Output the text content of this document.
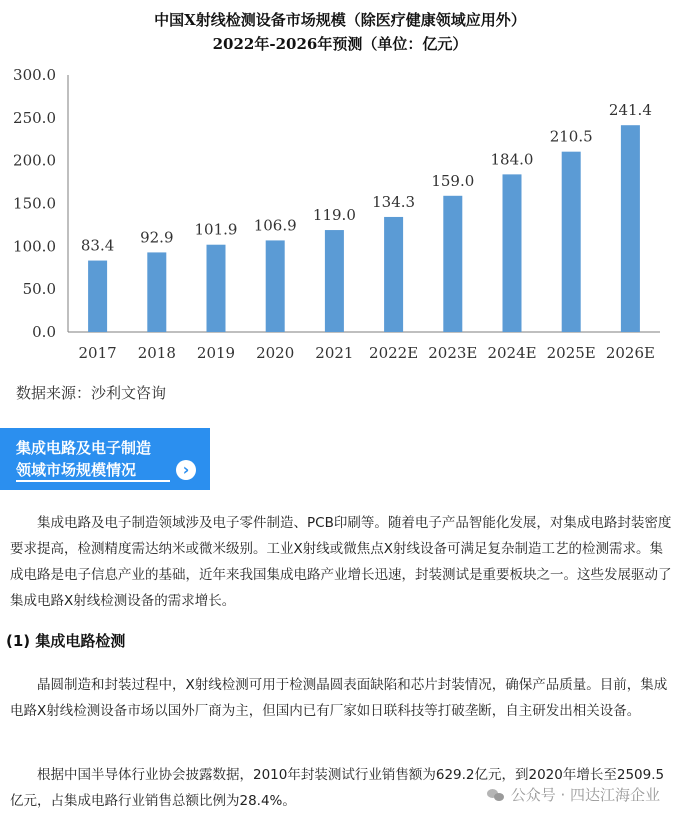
中国X射线检测设备市场规模（除医疗健康领域应用外）
2022年-2026年预测（单位：亿元）
0.0
50.0
100.0
150.0
200.0
250.0
300.0
83.4
2017
92.9
2018
101.9
2019
106.9
2020
119.0
2021
134.3
2022E
159.0
2023E
184.0
2024E
210.5
2025E
241.4
2026E
数据来源：沙利文咨询
集成电路及电子制造
领域市场规模情况	›

集成电路及电子制造领域涉及电子零件制造、PCB印刷等。随着电子产品智能化发展，对集成电路封装密度要求提高，检测精度需达纳米或微米级别。工业X射线或微焦点X射线设备可满足复杂制造工艺的检测需求。集成电路是电子信息产业的基础，近年来我国集成电路产业增长迅速，封装测试是重要板块之一。这些发展驱动了集成电路X射线检测设备的需求增长。

(1) 集成电路检测

晶圆制造和封装过程中，X射线检测可用于检测晶圆表面缺陷和芯片封装情况，确保产品质量。目前，集成电路X射线检测设备市场以国外厂商为主，但国内已有厂家如日联科技等打破垄断，自主研发出相关设备。

根据中国半导体行业协会披露数据，2010年封装测试行业销售额为629.2亿元，到2020年增长至2509.5亿元，占集成电路行业销售总额比例为28.4%。	公众号 · 四达江海企业
